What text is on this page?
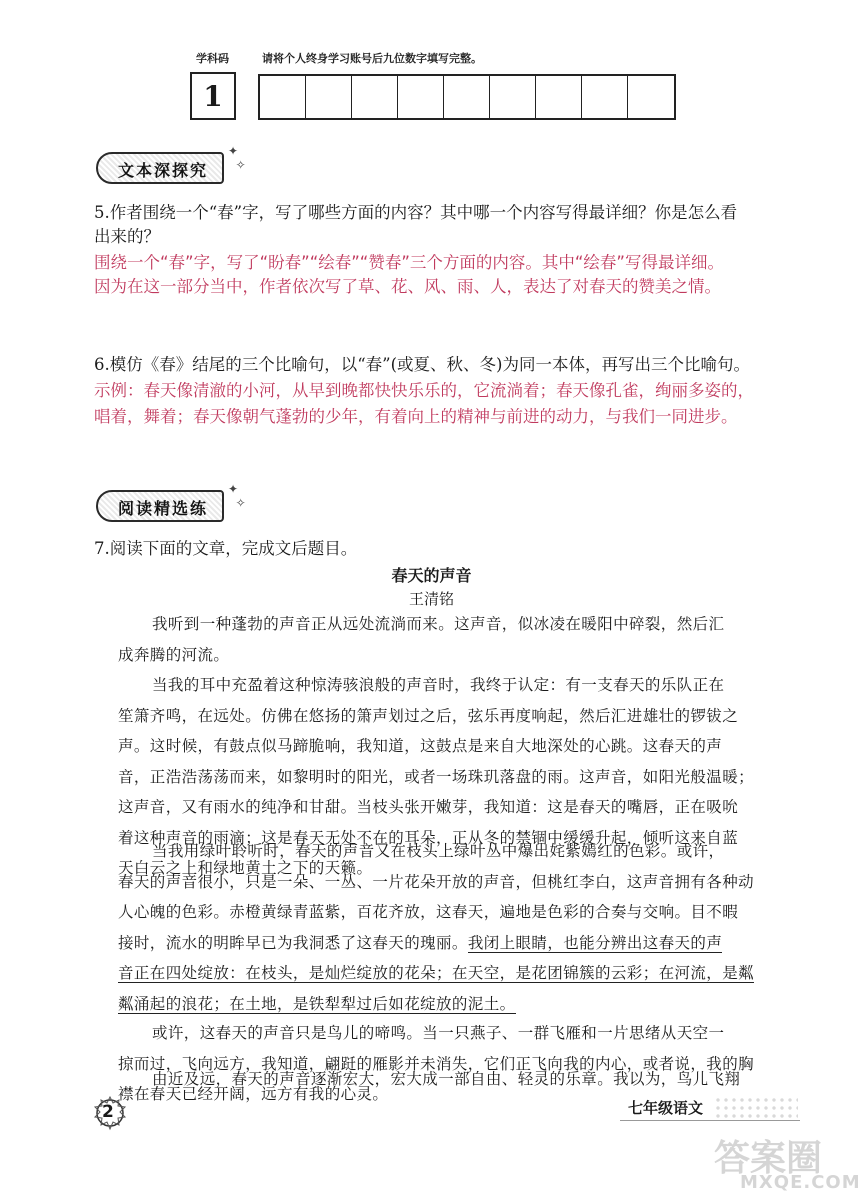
学科码	请将个人终身学习账号后九位数字填写完整。
1
文本深探究
✦
✧
5.作者围绕一个“春”字，写了哪些方面的内容？其中哪一个内容写得最详细？你是怎么看
出来的？
围绕一个“春”字，写了“盼春”“绘春”“赞春”三个方面的内容。其中“绘春”写得最详细。
因为在这一部分当中，作者依次写了草、花、风、雨、人，表达了对春天的赞美之情。
6.模仿《春》结尾的三个比喻句，以“春”(或夏、秋、冬)为同一本体，再写出三个比喻句。
示例：春天像清澈的小河，从早到晚都快快乐乐的，它流淌着；春天像孔雀，绚丽多姿的，
唱着，舞着；春天像朝气蓬勃的少年，有着向上的精神与前进的动力，与我们一同进步。
阅读精选练
✦
✧
7.阅读下面的文章，完成文后题目。
春天的声音
王清铭
我听到一种蓬勃的声音正从远处流淌而来。这声音，似冰凌在暖阳中碎裂，然后汇
成奔腾的河流。
当我的耳中充盈着这种惊涛骇浪般的声音时，我终于认定：有一支春天的乐队正在
笙箫齐鸣，在远处。仿佛在悠扬的箫声划过之后，弦乐再度响起，然后汇进雄壮的锣钹之
声。这时候，有鼓点似马蹄脆响，我知道，这鼓点是来自大地深处的心跳。这春天的声
音，正浩浩荡荡而来，如黎明时的阳光，或者一场珠玑落盘的雨。这声音，如阳光般温暖；
这声音，又有雨水的纯净和甘甜。当枝头张开嫩芽，我知道：这是春天的嘴唇，正在吸吮
着这种声音的雨滴；这是春天无处不在的耳朵，正从冬的禁锢中缓缓升起，倾听这来自蓝
天白云之上和绿地黄土之下的天籁。
当我用绿叶聆听时，春天的声音又在枝头上绿叶丛中爆出姹紫嫣红的色彩。或许，
春天的声音很小，只是一朵、一丛、一片花朵开放的声音，但桃红李白，这声音拥有各种动
人心魄的色彩。赤橙黄绿青蓝紫，百花齐放，这春天，遍地是色彩的合奏与交响。目不暇
接时，流水的明眸早已为我洞悉了这春天的瑰丽。我闭上眼睛，也能分辨出这春天的声
音正在四处绽放：在枝头，是灿烂绽放的花朵；在天空，是花团锦簇的云彩；在河流，是粼
粼涌起的浪花；在土地，是铁犁犁过后如花绽放的泥土。
或许，这春天的声音只是鸟儿的啼鸣。当一只燕子、一群飞雁和一片思绪从天空一
掠而过，飞向远方，我知道，翩跹的雁影并未消失，它们正飞向我的内心，或者说，我的胸
襟在春天已经开阔，远方有我的心灵。
由近及远，春天的声音逐渐宏大，宏大成一部自由、轻灵的乐章。我以为，鸟儿飞翔
2	七年级语文
答案圈
MXQE.COM
